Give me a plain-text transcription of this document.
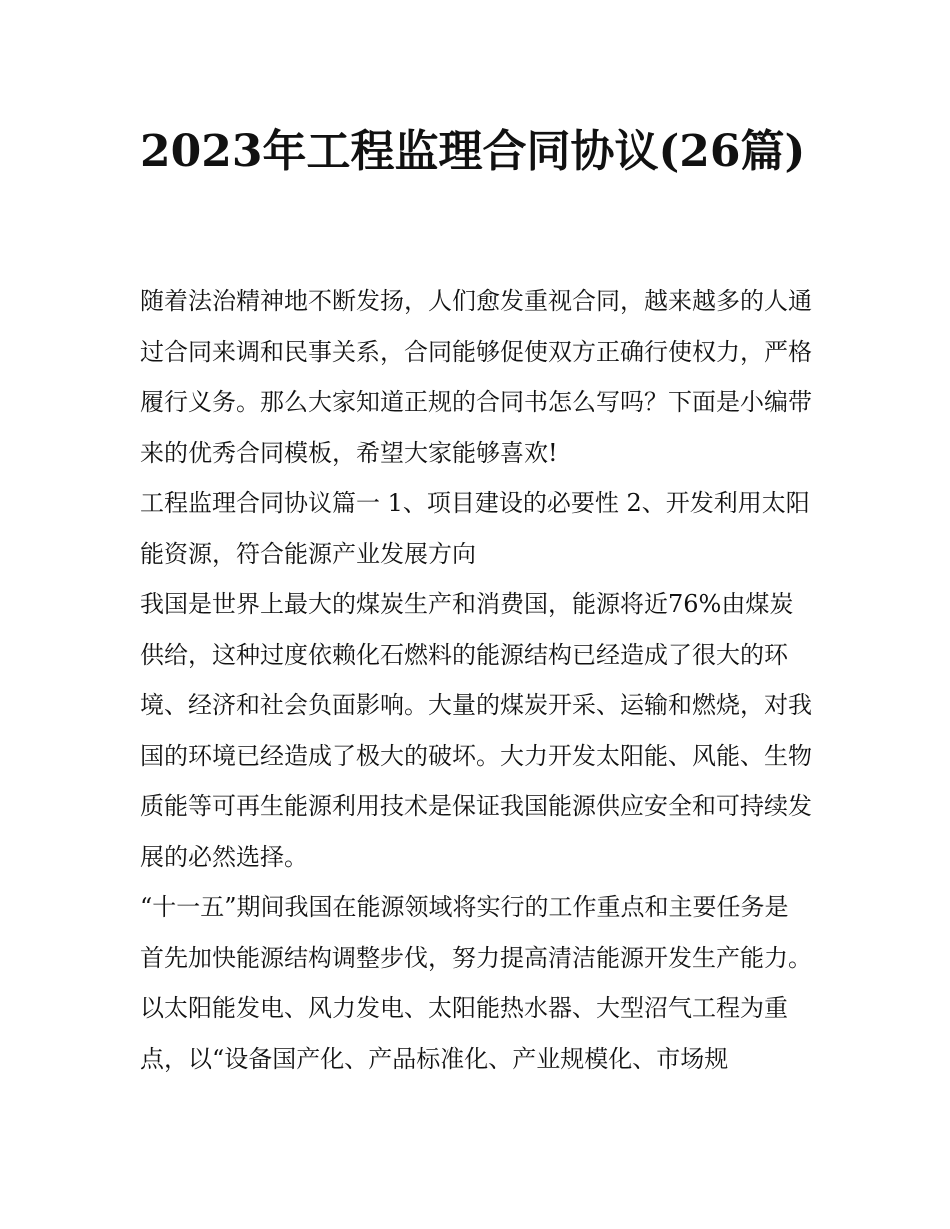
2023年工程监理合同协议(26篇)

随着法治精神地不断发扬，人们愈发重视合同，越来越多的人通过合同来调和民事关系，合同能够促使双方正确行使权力，严格履行义务。那么大家知道正规的合同书怎么写吗？下面是小编带来的优秀合同模板，希望大家能够喜欢!

工程监理合同协议篇一 1、项目建设的必要性 2、开发利用太阳能资源，符合能源产业发展方向

我国是世界上最大的煤炭生产和消费国，能源将近76%由煤炭供给，这种过度依赖化石燃料的能源结构已经造成了很大的环境、经济和社会负面影响。大量的煤炭开采、运输和燃烧，对我国的环境已经造成了极大的破坏。大力开发太阳能、风能、生物质能等可再生能源利用技术是保证我国能源供应安全和可持续发展的必然选择。

“十一五”期间我国在能源领域将实行的工作重点和主要任务是首先加快能源结构调整步伐，努力提高清洁能源开发生产能力。以太阳能发电、风力发电、太阳能热水器、大型沼气工程为重点，以“设备国产化、产品标准化、产业规模化、市场规
